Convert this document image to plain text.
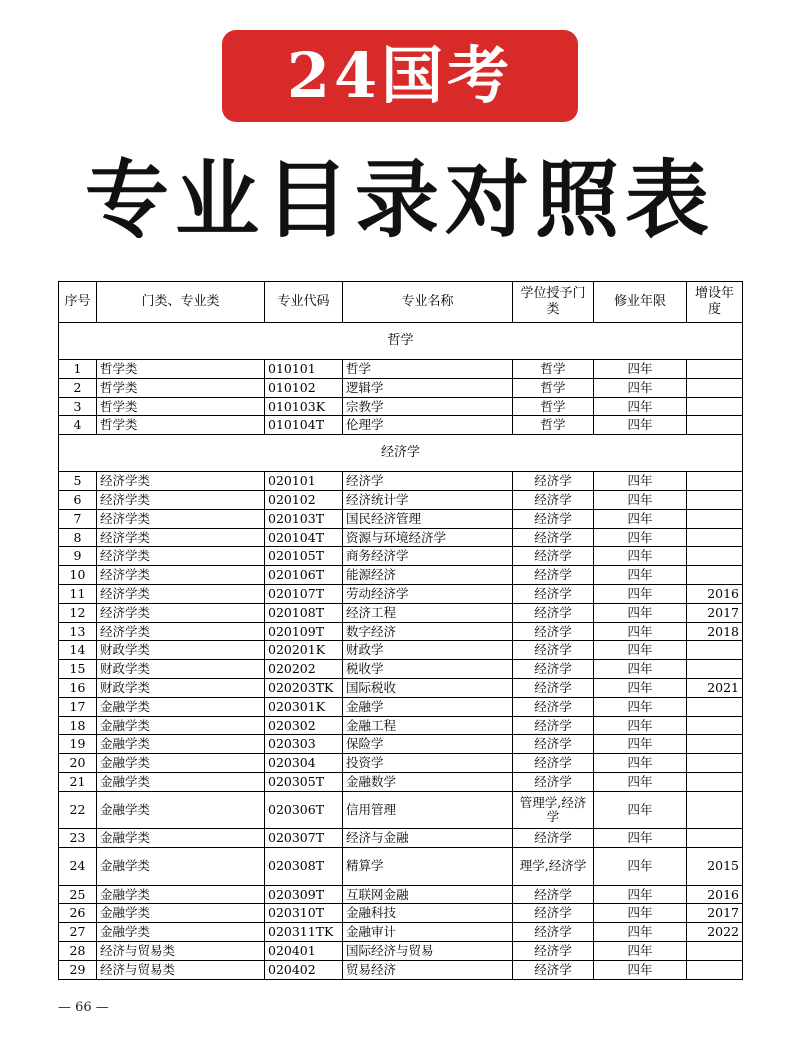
24国考
专业目录对照表
序号	门类、专业类	专业代码	专业名称	学位授予门类	修业年限	增设年度
哲学						
1	哲学类	010101	哲学	哲学	四年	
2	哲学类	010102	逻辑学	哲学	四年	
3	哲学类	010103K	宗教学	哲学	四年	
4	哲学类	010104T	伦理学	哲学	四年	
经济学						
5	经济学类	020101	经济学	经济学	四年	
6	经济学类	020102	经济统计学	经济学	四年	
7	经济学类	020103T	国民经济管理	经济学	四年	
8	经济学类	020104T	资源与环境经济学	经济学	四年	
9	经济学类	020105T	商务经济学	经济学	四年	
10	经济学类	020106T	能源经济	经济学	四年	
11	经济学类	020107T	劳动经济学	经济学	四年	2016
12	经济学类	020108T	经济工程	经济学	四年	2017
13	经济学类	020109T	数字经济	经济学	四年	2018
14	财政学类	020201K	财政学	经济学	四年	
15	财政学类	020202	税收学	经济学	四年	
16	财政学类	020203TK	国际税收	经济学	四年	2021
17	金融学类	020301K	金融学	经济学	四年	
18	金融学类	020302	金融工程	经济学	四年	
19	金融学类	020303	保险学	经济学	四年	
20	金融学类	020304	投资学	经济学	四年	
21	金融学类	020305T	金融数学	经济学	四年	
22	金融学类	020306T	信用管理	管理学,经济学	四年	
23	金融学类	020307T	经济与金融	经济学	四年	
24	金融学类	020308T	精算学	理学,经济学	四年	2015
25	金融学类	020309T	互联网金融	经济学	四年	2016
26	金融学类	020310T	金融科技	经济学	四年	2017
27	金融学类	020311TK	金融审计	经济学	四年	2022
28	经济与贸易类	020401	国际经济与贸易	经济学	四年	
29	经济与贸易类	020402	贸易经济	经济学	四年	
— 66 —
